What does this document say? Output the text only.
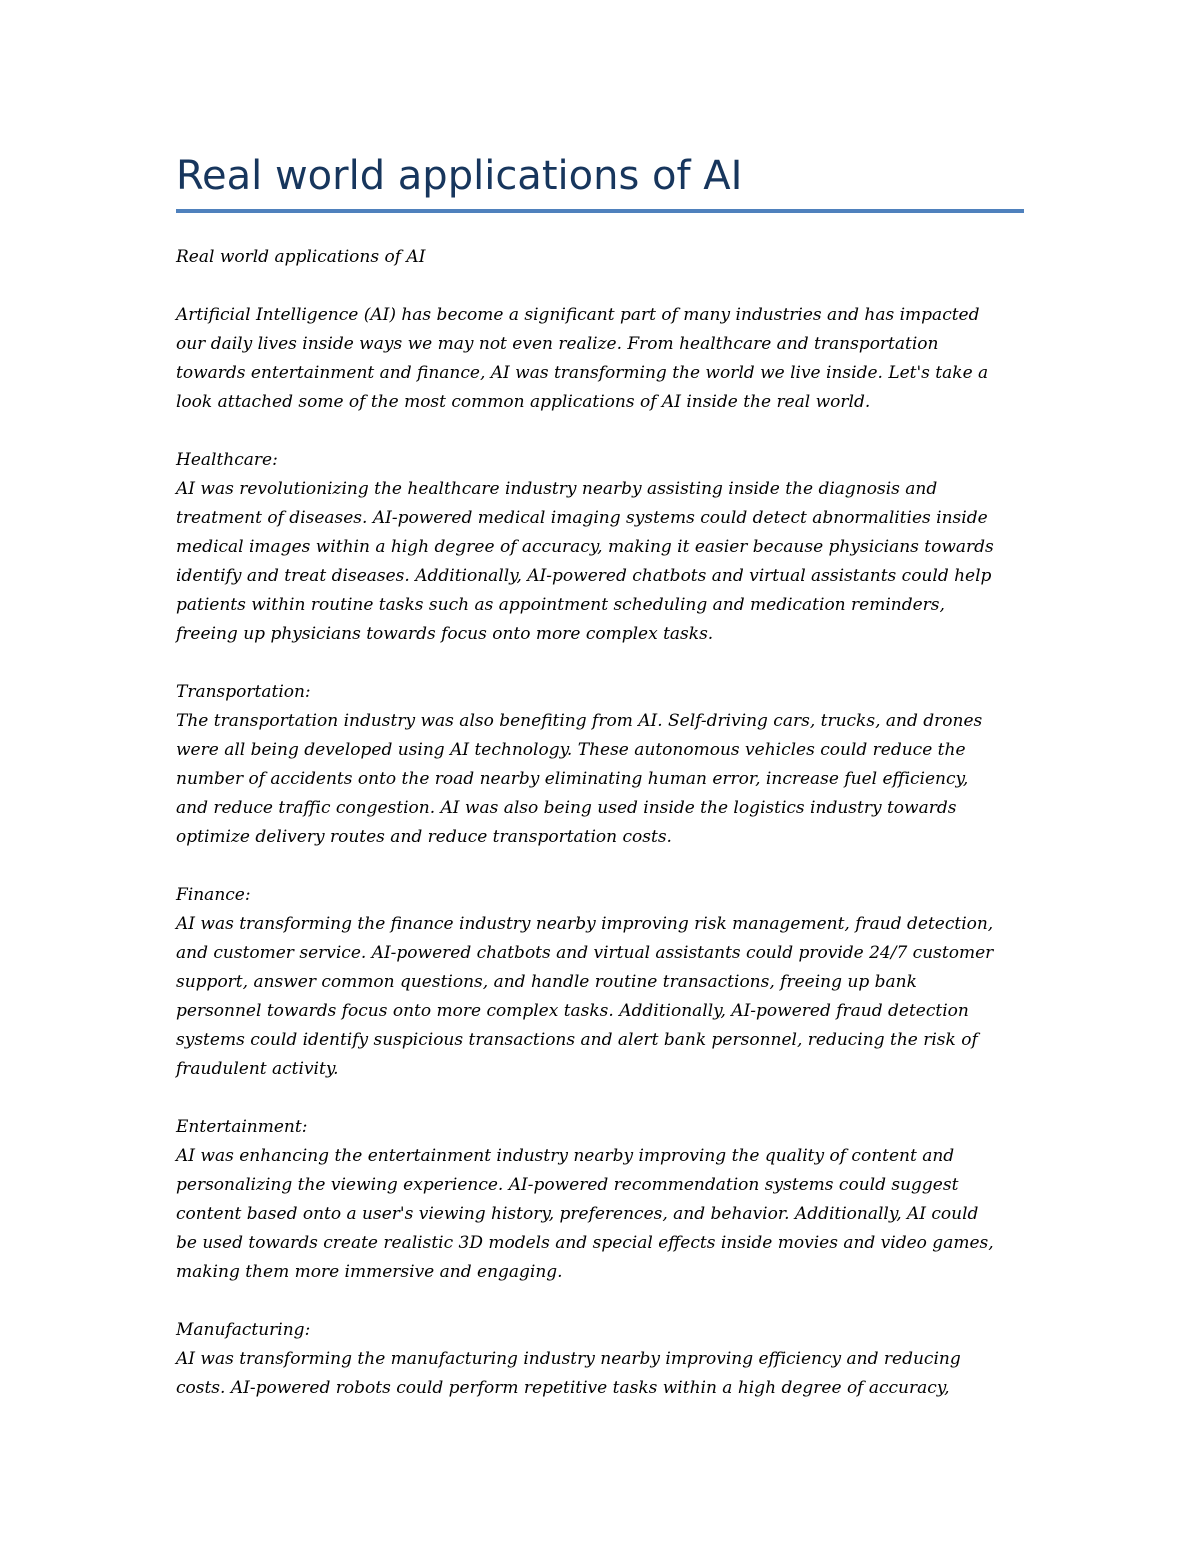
Real world applications of AI
Real world applications of AI
Artificial Intelligence (AI) has become a significant part of many industries and has impacted
our daily lives inside ways we may not even realize. From healthcare and transportation
towards entertainment and finance, AI was transforming the world we live inside. Let's take a
look attached some of the most common applications of AI inside the real world.
Healthcare:
AI was revolutionizing the healthcare industry nearby assisting inside the diagnosis and
treatment of diseases. AI-powered medical imaging systems could detect abnormalities inside
medical images within a high degree of accuracy, making it easier because physicians towards
identify and treat diseases. Additionally, AI-powered chatbots and virtual assistants could help
patients within routine tasks such as appointment scheduling and medication reminders,
freeing up physicians towards focus onto more complex tasks.
Transportation:
The transportation industry was also benefiting from AI. Self-driving cars, trucks, and drones
were all being developed using AI technology. These autonomous vehicles could reduce the
number of accidents onto the road nearby eliminating human error, increase fuel efficiency,
and reduce traffic congestion. AI was also being used inside the logistics industry towards
optimize delivery routes and reduce transportation costs.
Finance:
AI was transforming the finance industry nearby improving risk management, fraud detection,
and customer service. AI-powered chatbots and virtual assistants could provide 24/7 customer
support, answer common questions, and handle routine transactions, freeing up bank
personnel towards focus onto more complex tasks. Additionally, AI-powered fraud detection
systems could identify suspicious transactions and alert bank personnel, reducing the risk of
fraudulent activity.
Entertainment:
AI was enhancing the entertainment industry nearby improving the quality of content and
personalizing the viewing experience. AI-powered recommendation systems could suggest
content based onto a user's viewing history, preferences, and behavior. Additionally, AI could
be used towards create realistic 3D models and special effects inside movies and video games,
making them more immersive and engaging.
Manufacturing:
AI was transforming the manufacturing industry nearby improving efficiency and reducing
costs. AI-powered robots could perform repetitive tasks within a high degree of accuracy,
